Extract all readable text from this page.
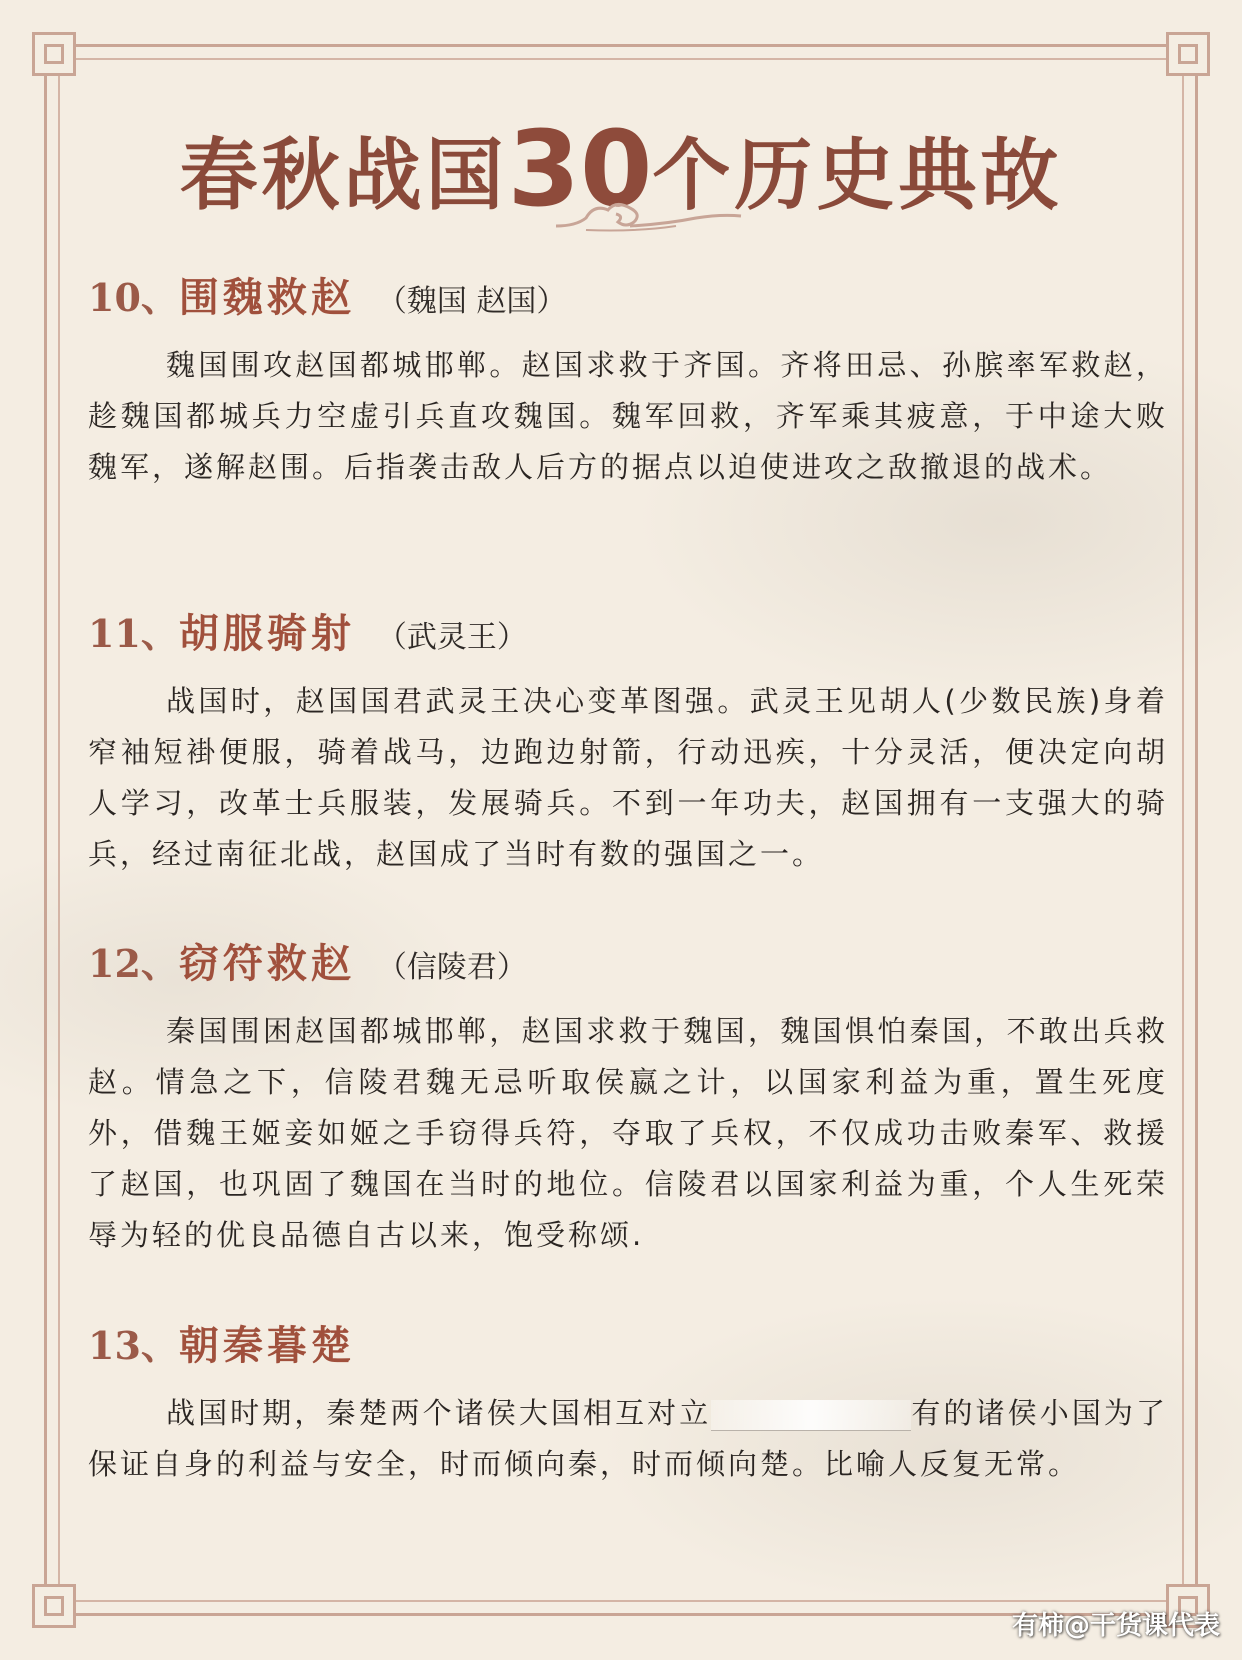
春秋战国30个历史典故
10、围魏救赵 （魏国 赵国）
魏国围攻赵国都城邯郸。赵国求救于齐国。齐将田忌、孙膑率军救赵，趁魏国都城兵力空虚引兵直攻魏国。魏军回救，齐军乘其疲意，于中途大败魏军，遂解赵围。后指袭击敌人后方的据点以迫使进攻之敌撤退的战术。
11、胡服骑射 （武灵王）
战国时，赵国国君武灵王决心变革图强。武灵王见胡人(少数民族)身着窄袖短褂便服，骑着战马，边跑边射箭，行动迅疾，十分灵活，便决定向胡人学习，改革士兵服装，发展骑兵。不到一年功夫，赵国拥有一支强大的骑兵，经过南征北战，赵国成了当时有数的强国之一。
12、窃符救赵 （信陵君）
秦国围困赵国都城邯郸，赵国求救于魏国，魏国惧怕秦国，不敢出兵救赵。情急之下，信陵君魏无忌听取侯嬴之计，以国家利益为重，置生死度外，借魏王姬妾如姬之手窃得兵符，夺取了兵权，不仅成功击败秦军、救援了赵国，也巩固了魏国在当时的地位。信陵君以国家利益为重，个人生死荣辱为轻的优良品德自古以来，饱受称颂.
13、朝秦暮楚
战国时期，秦楚两个诸侯大国相互对立	有的诸侯小国为了保证自身的利益与安全，时而倾向秦，时而倾向楚。比喻人反复无常。
有柿@干货课代表
